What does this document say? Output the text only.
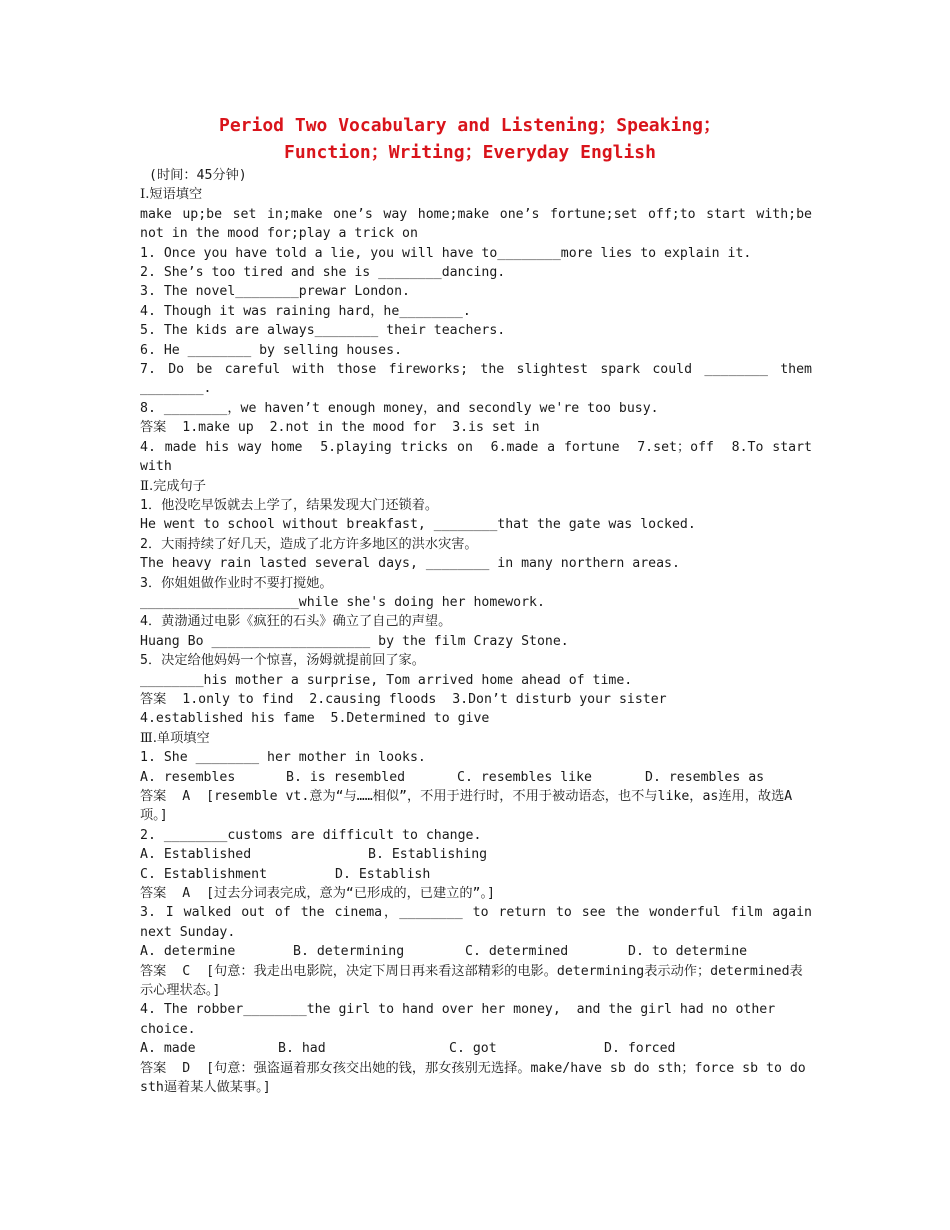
Period Two Vocabulary and Listening；Speaking；
Function；Writing；Everyday English
(时间：45分钟)
Ⅰ.短语填空
make up;be set in;make one’s way home;make one’s fortune;set off;to start with;be not in the mood for;play a trick on
1. Once you have told a lie, you will have to________more lies to explain it.
2. She’s too tired and she is ________dancing.
3. The novel________prewar London.
4. Though it was raining hard，he________.
5. The kids are always________ their teachers.
6. He ________ by selling houses.
7. Do be careful with those fireworks; the slightest spark could ________ them ________.
8. ________，we haven’t enough money，and secondly we're too busy.
答案 1.make up  2.not in the mood for  3.is set in
4. made his way home  5.playing tricks on  6.made a fortune  7.set；off  8.To start with
Ⅱ.完成句子
1．他没吃早饭就去上学了，结果发现大门还锁着。
He went to school without breakfast, ________that the gate was locked.
2．大雨持续了好几天，造成了北方许多地区的洪水灾害。
The heavy rain lasted several days, ________ in many northern areas.
3．你姐姐做作业时不要打搅她。
____________________while she's doing her homework.
4．黄渤通过电影《疯狂的石头》确立了自己的声望。
Huang Bo ____________________ by the film Crazy Stone.
5．决定给他妈妈一个惊喜，汤姆就提前回了家。
________his mother a surprise, Tom arrived home ahead of time.
答案 1.only to find  2.causing floods  3.Don’t disturb your sister
4.established his fame  5.Determined to give
Ⅲ.单项填空
1. She ________ her mother in looks.
A. resembles	B. is resembled	C. resembles like	D. resembles as
答案  A  [resemble vt.意为“与……相似”，不用于进行时，不用于被动语态，也不与like，as连用，故选A项。]
2. ________customs are difficult to change.
A. Established	B. Establishing
C. Establishment	D. Establish
答案  A  [过去分词表完成，意为“已形成的，已建立的”。]
3. I walked out of the cinema，________ to return to see the wonderful film again next Sunday.
A. determine	B. determining	C. determined	D. to determine
答案  C  [句意：我走出电影院，决定下周日再来看这部精彩的电影。determining表示动作；determined表示心理状态。]
4. The robber________the girl to hand over her money,  and the girl had no other choice.
A. made	B. had	C. got	D. forced
答案  D  [句意：强盗逼着那女孩交出她的钱，那女孩别无选择。make/have sb do sth；force sb to do sth逼着某人做某事。]
